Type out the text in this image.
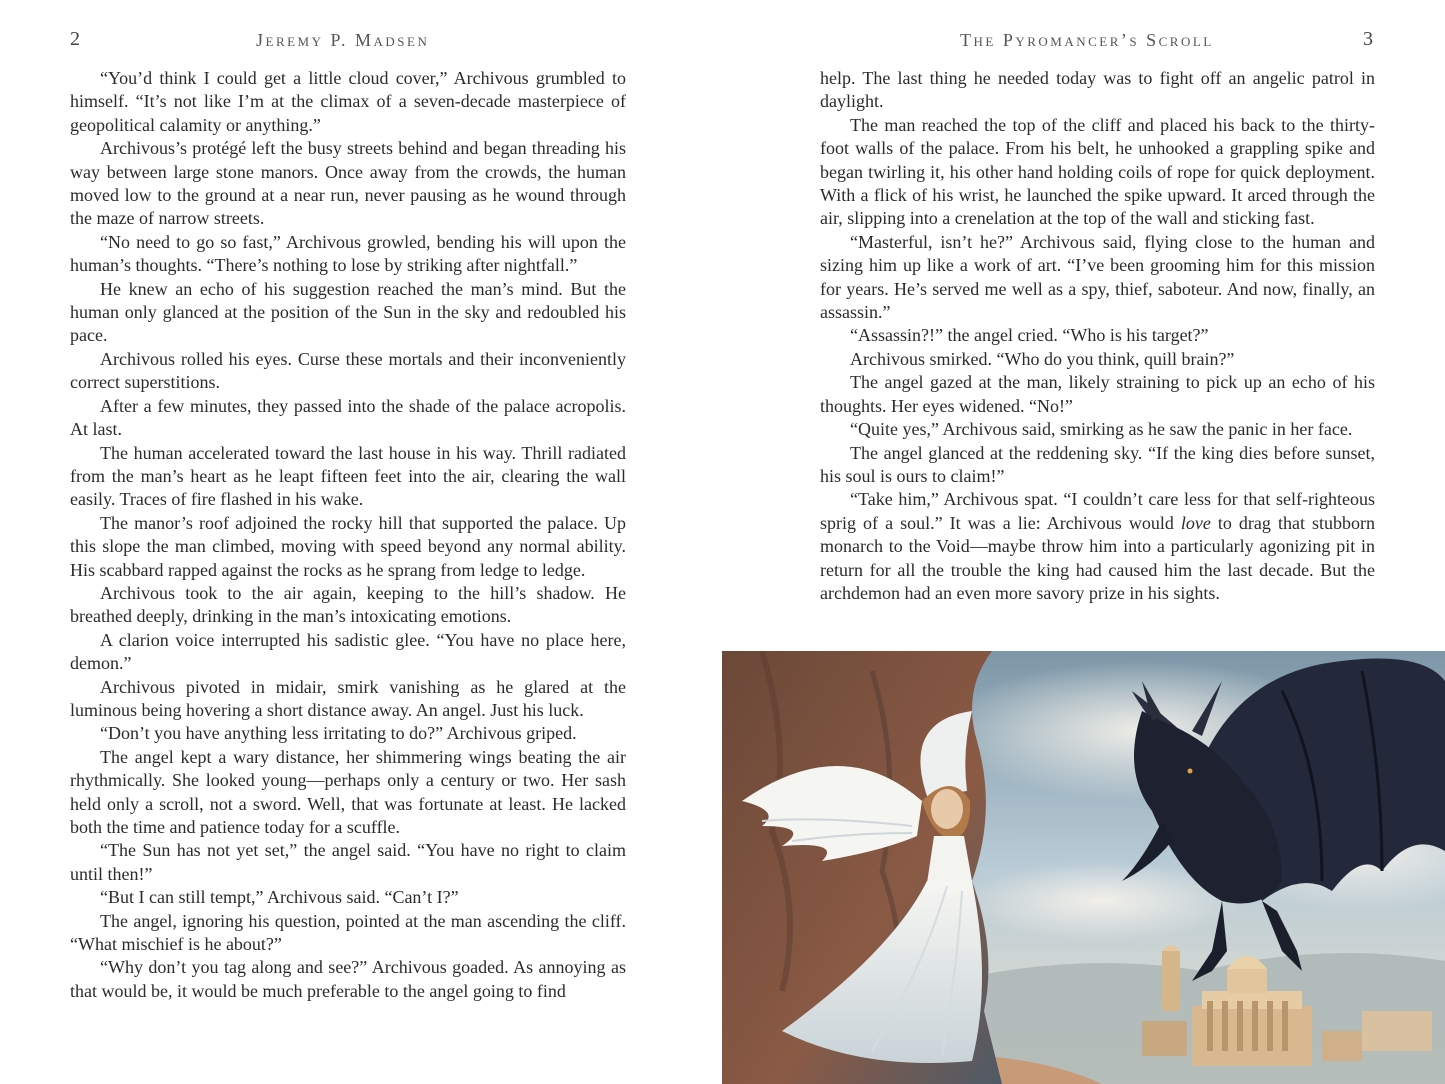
2	Jeremy P. Madsen

“You’d think I could get a little cloud cover,” Archivous grumbled to himself. “It’s not like I’m at the climax of a seven-decade masterpiece of geopolitical calamity or anything.”

Archivous’s protégé left the busy streets behind and began threading his way between large stone manors. Once away from the crowds, the human moved low to the ground at a near run, never pausing as he wound through the maze of narrow streets.

“No need to go so fast,” Archivous growled, bending his will upon the human’s thoughts. “There’s nothing to lose by striking after nightfall.”

He knew an echo of his suggestion reached the man’s mind. But the human only glanced at the position of the Sun in the sky and redoubled his pace.

Archivous rolled his eyes. Curse these mortals and their inconveniently correct superstitions.

After a few minutes, they passed into the shade of the palace acropolis. At last.

The human accelerated toward the last house in his way. Thrill radiated from the man’s heart as he leapt fifteen feet into the air, clearing the wall easily. Traces of fire flashed in his wake.

The manor’s roof adjoined the rocky hill that supported the palace. Up this slope the man climbed, moving with speed beyond any normal ability. His scabbard rapped against the rocks as he sprang from ledge to ledge.

Archivous took to the air again, keeping to the hill’s shadow. He breathed deeply, drinking in the man’s intoxicating emotions.

A clarion voice interrupted his sadistic glee. “You have no place here, demon.”

Archivous pivoted in midair, smirk vanishing as he glared at the luminous being hovering a short distance away. An angel. Just his luck.

“Don’t you have anything less irritating to do?” Archivous griped.

The angel kept a wary distance, her shimmering wings beating the air rhythmically. She looked young—perhaps only a century or two. Her sash held only a scroll, not a sword. Well, that was fortunate at least. He lacked both the time and patience today for a scuffle.

“The Sun has not yet set,” the angel said. “You have no right to claim until then!”

“But I can still tempt,” Archivous said. “Can’t I?”

The angel, ignoring his question, pointed at the man ascending the cliff. “What mischief is he about?”

“Why don’t you tag along and see?” Archivous goaded. As annoying as that would be, it would be much preferable to the angel going to find

The Pyromancer’s Scroll	3

help. The last thing he needed today was to fight off an angelic patrol in daylight.

The man reached the top of the cliff and placed his back to the thirty-foot walls of the palace. From his belt, he unhooked a grappling spike and began twirling it, his other hand holding coils of rope for quick deployment. With a flick of his wrist, he launched the spike upward. It arced through the air, slipping into a crenelation at the top of the wall and sticking fast.

“Masterful, isn’t he?” Archivous said, flying close to the human and sizing him up like a work of art. “I’ve been grooming him for this mission for years. He’s served me well as a spy, thief, saboteur. And now, finally, an assassin.”

“Assassin?!” the angel cried. “Who is his target?”

Archivous smirked. “Who do you think, quill brain?”

The angel gazed at the man, likely straining to pick up an echo of his thoughts. Her eyes widened. “No!”

“Quite yes,” Archivous said, smirking as he saw the panic in her face.

The angel glanced at the reddening sky. “If the king dies before sunset, his soul is ours to claim!”

“Take him,” Archivous spat. “I couldn’t care less for that self-righteous sprig of a soul.” It was a lie: Archivous would love to drag that stubborn monarch to the Void—maybe throw him into a particularly agonizing pit in return for all the trouble the king had caused him the last decade. But the archdemon had an even more savory prize in his sights.
